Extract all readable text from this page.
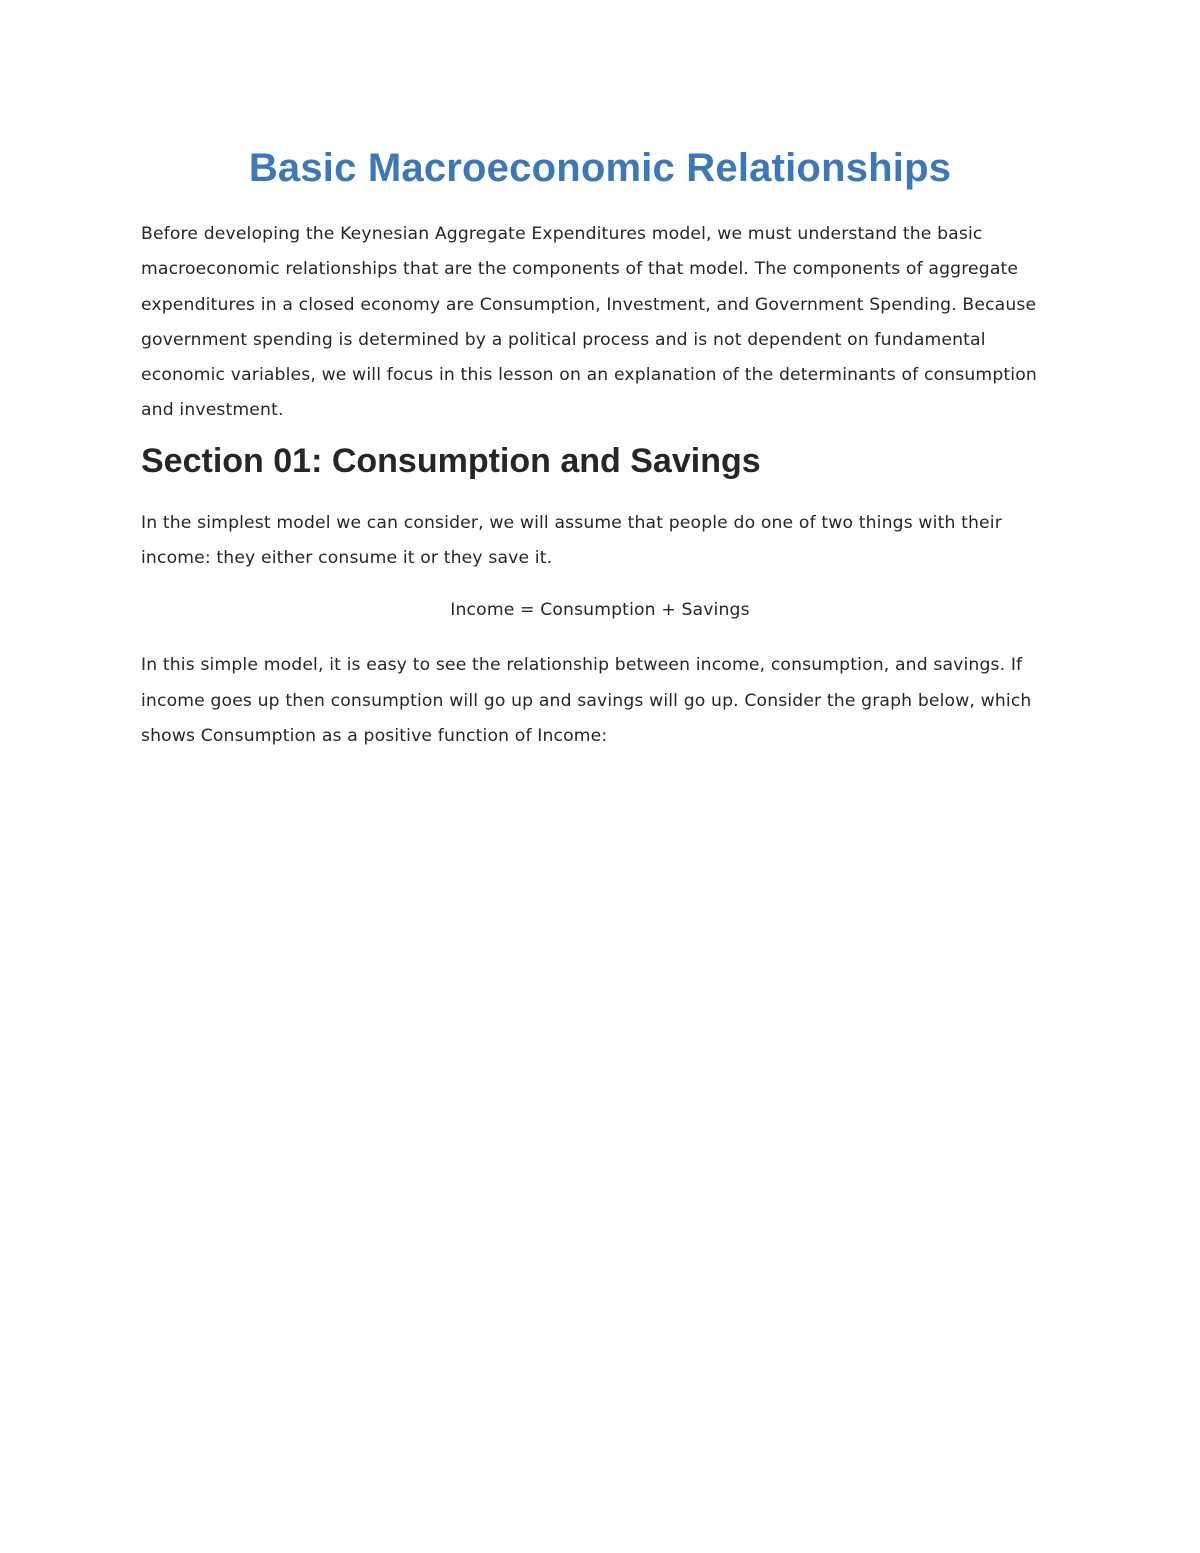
Basic Macroeconomic Relationships

Before developing the Keynesian Aggregate Expenditures model, we must understand the basic macroeconomic relationships that are the components of that model. The components of aggregate expenditures in a closed economy are Consumption, Investment, and Government Spending. Because government spending is determined by a political process and is not dependent on fundamental economic variables, we will focus in this lesson on an explanation of the determinants of consumption and investment.

Section 01: Consumption and Savings

In the simplest model we can consider, we will assume that people do one of two things with their income: they either consume it or they save it.

Income = Consumption + Savings

In this simple model, it is easy to see the relationship between income, consumption, and savings. If income goes up then consumption will go up and savings will go up. Consider the graph below, which shows Consumption as a positive function of Income:
